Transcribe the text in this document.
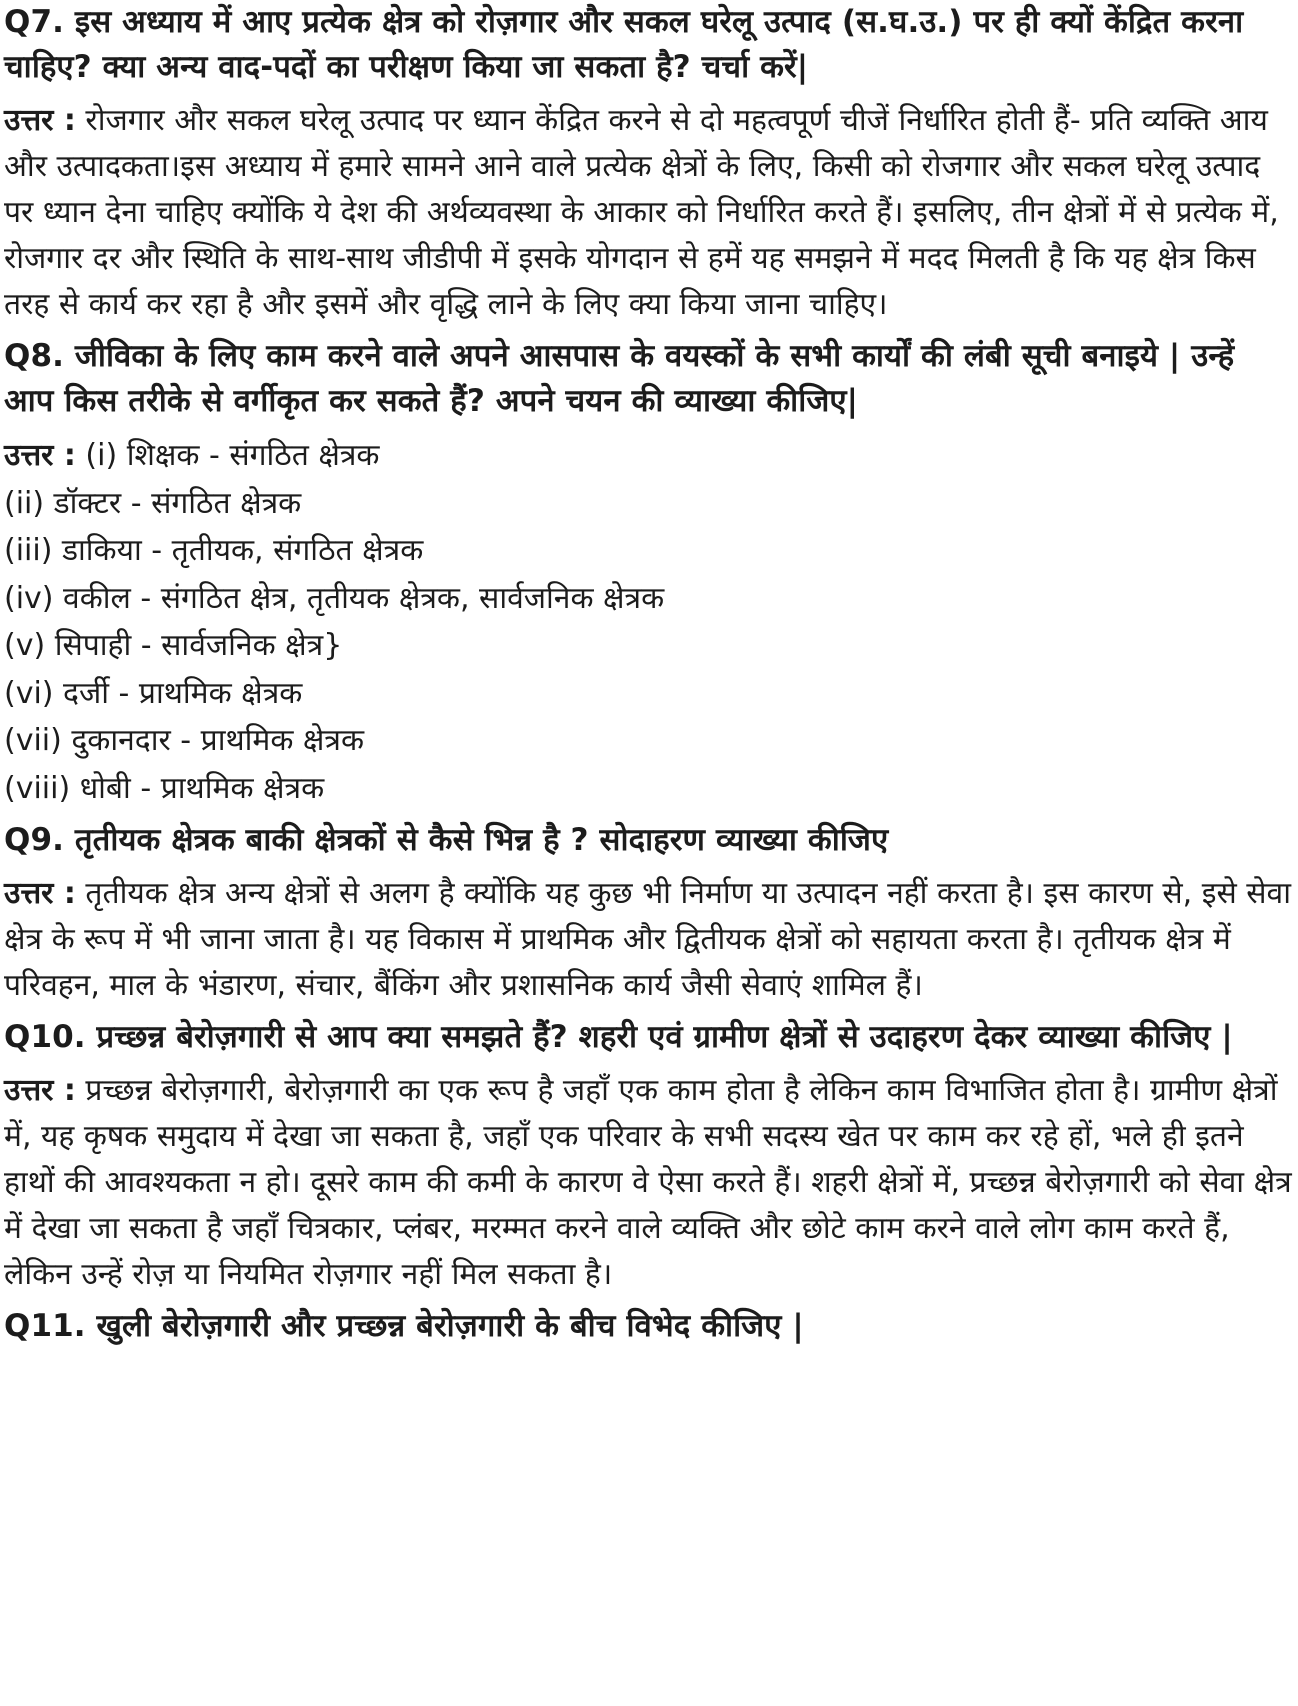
Q7. इस अध्याय में आए प्रत्येक क्षेत्र को रोज़गार और सकल घरेलू उत्पाद (स.घ.उ.) पर ही क्यों केंद्रित करना चाहिए? क्या अन्य वाद-पदों का परीक्षण किया जा सकता है? चर्चा करें|

उत्तर : रोजगार और सकल घरेलू उत्पाद पर ध्यान केंद्रित करने से दो महत्वपूर्ण चीजें निर्धारित होती हैं- प्रति व्यक्ति आय और उत्पादकता।इस अध्याय में हमारे सामने आने वाले प्रत्येक क्षेत्रों के लिए, किसी को रोजगार और सकल घरेलू उत्पाद पर ध्यान देना चाहिए क्योंकि ये देश की अर्थव्यवस्था के आकार को निर्धारित करते हैं। इसलिए, तीन क्षेत्रों में से प्रत्येक में, रोजगार दर और स्थिति के साथ-साथ जीडीपी में इसके योगदान से हमें यह समझने में मदद मिलती है कि यह क्षेत्र किस तरह से कार्य कर रहा है और इसमें और वृद्धि लाने के लिए क्या किया जाना चाहिए।

Q8. जीविका के लिए काम करने वाले अपने आसपास के वयस्कों के सभी कार्यों की लंबी सूची बनाइये | उन्हें आप किस तरीके से वर्गीकृत कर सकते हैं? अपने चयन की व्याख्या कीजिए|

उत्तर : (i) शिक्षक - संगठित क्षेत्रक

(ii) डॉक्टर - संगठित क्षेत्रक

(iii) डाकिया - तृतीयक, संगठित क्षेत्रक

(iv) वकील - संगठित क्षेत्र, तृतीयक क्षेत्रक, सार्वजनिक क्षेत्रक

(v) सिपाही - सार्वजनिक क्षेत्र}

(vi) दर्जी - प्राथमिक क्षेत्रक

(vii) दुकानदार - प्राथमिक क्षेत्रक

(viii) धोबी - प्राथमिक क्षेत्रक

Q9. तृतीयक क्षेत्रक बाकी क्षेत्रकों से कैसे भिन्न है ? सोदाहरण व्याख्या कीजिए

उत्तर : तृतीयक क्षेत्र अन्य क्षेत्रों से अलग है क्योंकि यह कुछ भी निर्माण या उत्पादन नहीं करता है। इस कारण से, इसे सेवा क्षेत्र के रूप में भी जाना जाता है। यह विकास में प्राथमिक और द्वितीयक क्षेत्रों को सहायता करता है। तृतीयक क्षेत्र में परिवहन, माल के भंडारण, संचार, बैंकिंग और प्रशासनिक कार्य जैसी सेवाएं शामिल हैं।

Q10. प्रच्छन्न बेरोज़गारी से आप क्या समझते हैं? शहरी एवं ग्रामीण क्षेत्रों से उदाहरण देकर व्याख्या कीजिए |

उत्तर : प्रच्छन्न बेरोज़गारी, बेरोज़गारी का एक रूप है जहाँ एक काम होता है लेकिन काम विभाजित होता है। ग्रामीण क्षेत्रों में, यह कृषक समुदाय में देखा जा सकता है, जहाँ एक परिवार के सभी सदस्य खेत पर काम कर रहे हों, भले ही इतने हाथों की आवश्यकता न हो। दूसरे काम की कमी के कारण वे ऐसा करते हैं। शहरी क्षेत्रों में, प्रच्छन्न बेरोज़गारी को सेवा क्षेत्र में देखा जा सकता है जहाँ चित्रकार, प्लंबर, मरम्मत करने वाले व्यक्ति और छोटे काम करने वाले लोग काम करते हैं, लेकिन उन्हें रोज़ या नियमित रोज़गार नहीं मिल सकता है।

Q11. खुली बेरोज़गारी और प्रच्छन्न बेरोज़गारी के बीच विभेद कीजिए |
